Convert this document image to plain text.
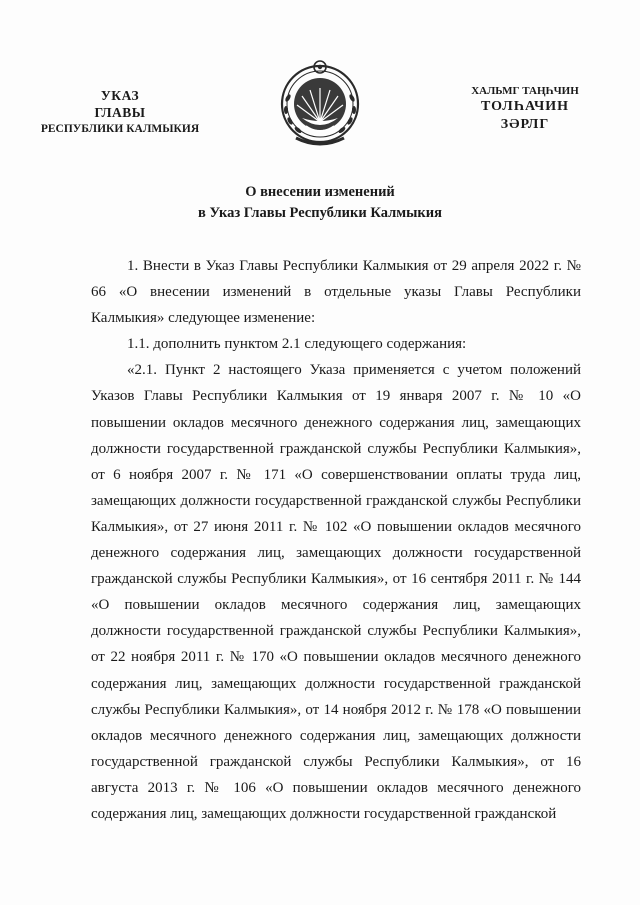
УКАЗ
ГЛАВЫ
РЕСПУБЛИКИ КАЛМЫКИЯ
ХАЛЬМГ ТАҢҺЧИН
ТОЛҺАЧИН
ЗӘРЛГ
О внесении изменений
в Указ Главы Республики Калмыкия

1. Внести в Указ Главы Республики Калмыкия от 29 апреля 2022 г. № 66 «О внесении изменений в отдельные указы Главы Республики Калмыкия» следующее изменение:

1.1. дополнить пунктом 2.1 следующего содержания:

«2.1. Пункт 2 настоящего Указа применяется с учетом положений Указов Главы Республики Калмыкия от 19 января 2007 г. № 10 «О повышении окладов месячного денежного содержания лиц, замещающих должности государственной гражданской службы Республики Калмыкия», от 6 ноября 2007 г. № 171 «О совершенствовании оплаты труда лиц, замещающих должности государственной гражданской службы Республики Калмыкия», от 27 июня 2011 г. № 102 «О повышении окладов месячного денежного содержания лиц, замещающих должности государственной гражданской службы Республики Калмыкия», от 16 сентября 2011 г. № 144 «О повышении окладов месячного содержания лиц, замещающих должности государственной гражданской службы Республики Калмыкия», от 22 ноября 2011 г. № 170 «О повышении окладов месячного денежного содержания лиц, замещающих должности государственной гражданской службы Республики Калмыкия», от 14 ноября 2012 г. № 178 «О повышении окладов месячного денежного содержания лиц, замещающих должности государственной гражданской службы Республики Калмыкия», от 16 августа 2013 г. № 106 «О повышении окладов месячного денежного содержания лиц, замещающих должности государственной гражданской
